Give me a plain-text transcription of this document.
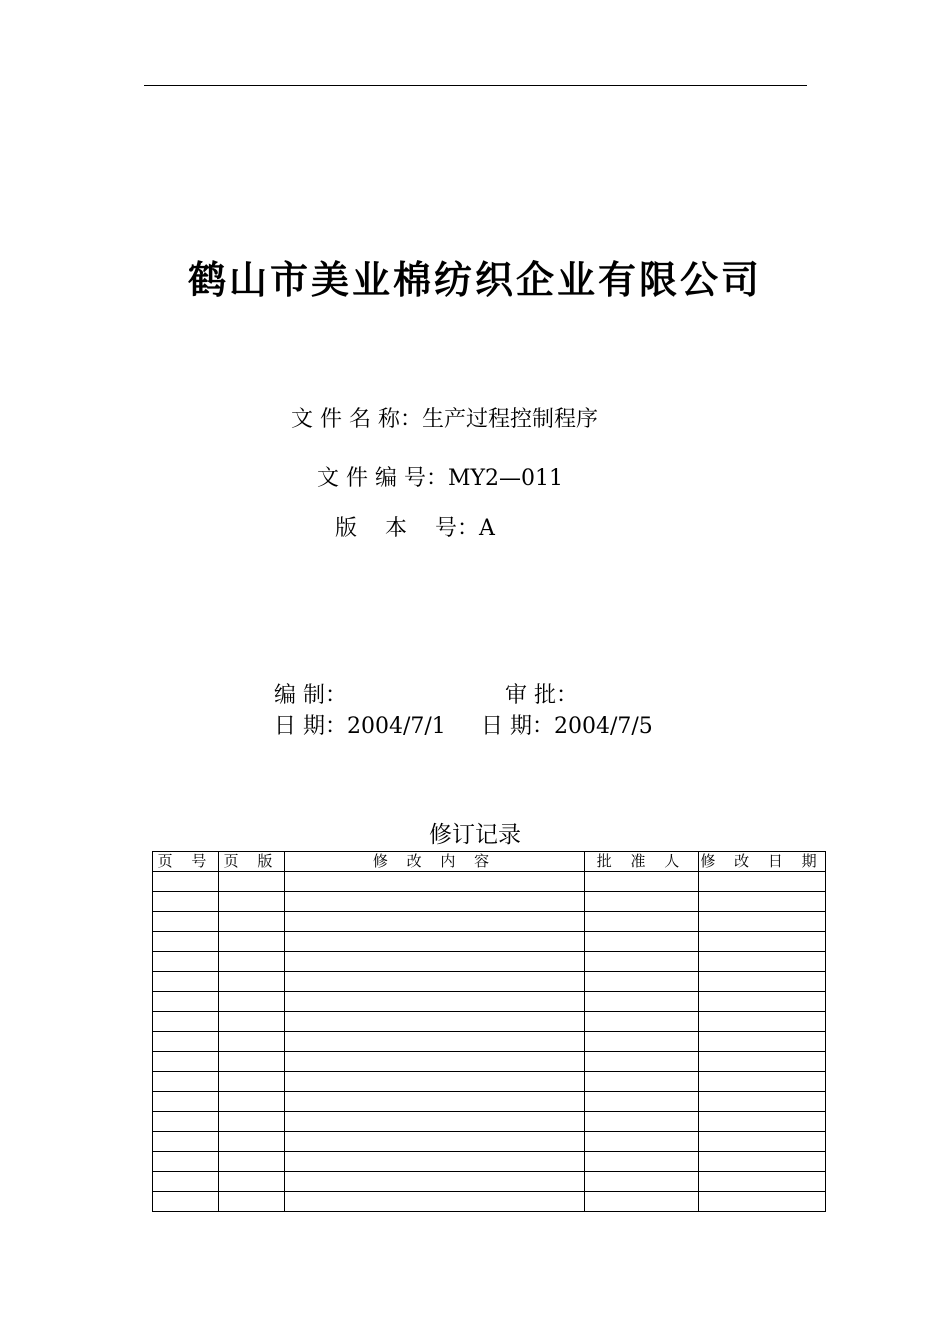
鹤山市美业棉纺织企业有限公司
文 件 名 称：生产过程控制程序
文 件 编 号：MY2—011
版    本    号：A
编 制：	审 批：
日 期：2004/7/1 日 期：2004/7/5
修订记录
页 号	页 版	修 改 内 容	批 准 人	修 改 日 期
